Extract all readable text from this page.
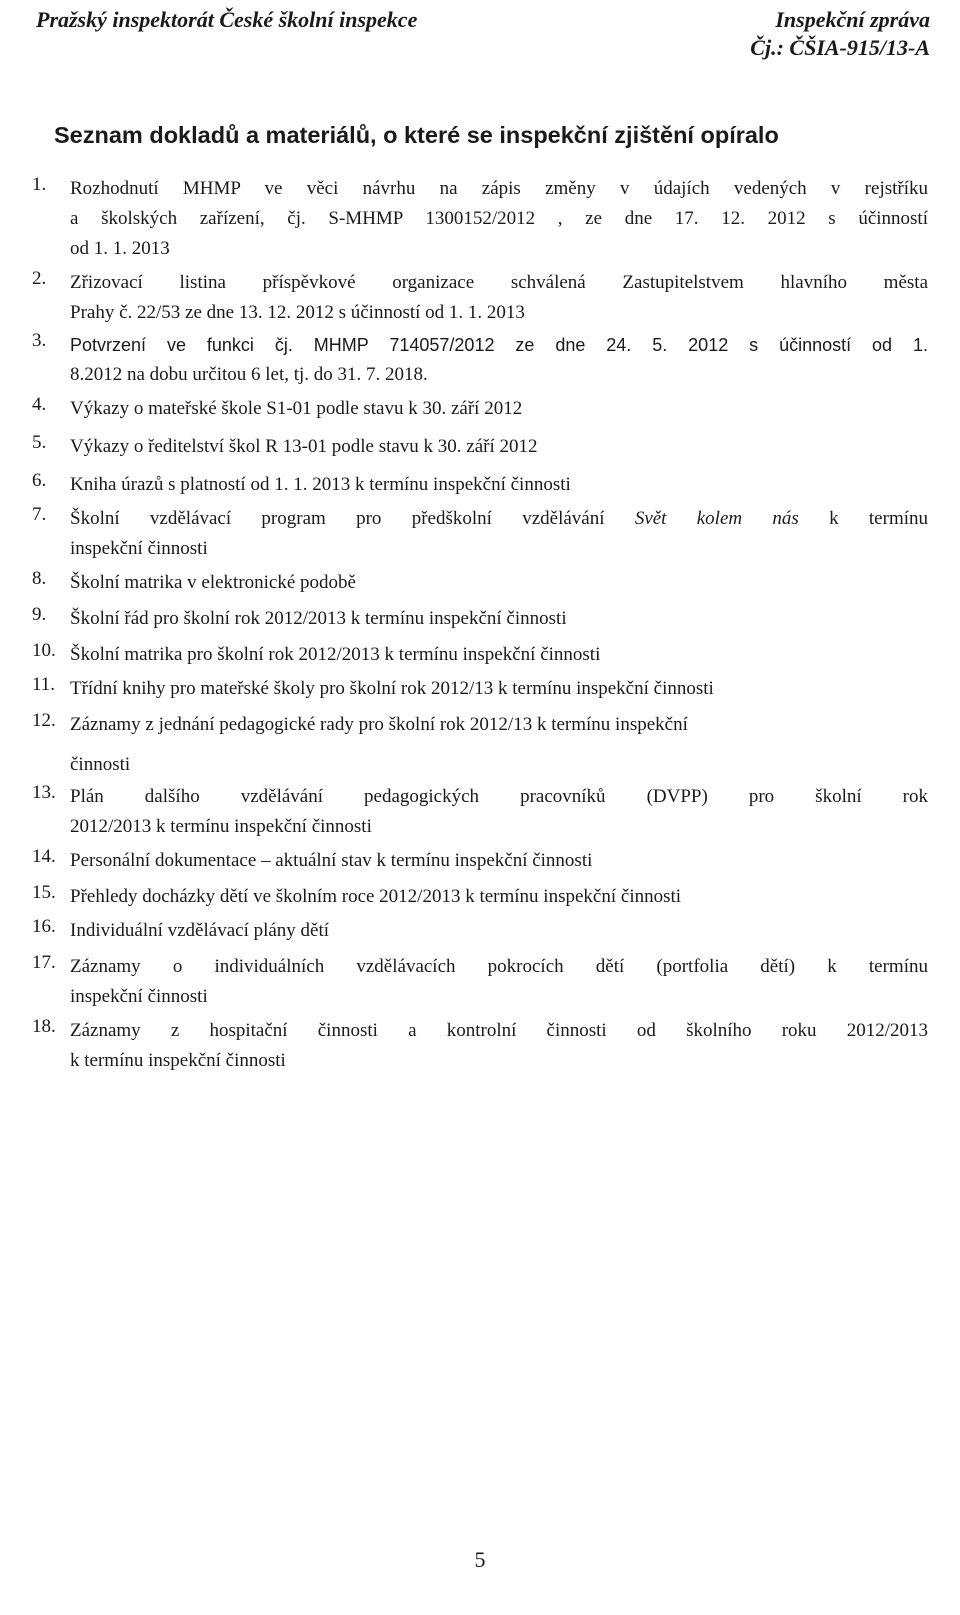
Pražský inspektorát České školní inspekce	Inspekční zpráva
Čj.: ČŠIA-915/13-A
Seznam dokladů a materiálů, o které se inspekční zjištění opíralo
1.	Rozhodnutí MHMP ve věci návrhu na zápis změny v údajích vedených v rejstříku
a školských zařízení, čj. S-MHMP 1300152/2012 , ze dne 17. 12. 2012 s účinností
od 1. 1. 2013
2. Zřizovací listina příspěvkové organizace schválená Zastupitelstvem hlavního města
Prahy č. 22/53 ze dne 13. 12. 2012 s účinností od 1. 1. 2013
3. Potvrzení ve funkci čj. MHMP 714057/2012 ze dne 24. 5. 2012 s účinností od 1.
8.2012 na dobu určitou 6 let, tj. do 31. 7. 2018.
4. Výkazy o mateřské škole S1-01 podle stavu k 30. září 2012
5. Výkazy o ředitelství škol R 13-01 podle stavu k 30. září 2012
6. Kniha úrazů s platností od 1. 1. 2013 k termínu inspekční činnosti
7. Školní vzdělávací program pro předškolní vzdělávání Svět kolem nás k termínu
inspekční činnosti
8. Školní matrika v elektronické podobě
9. Školní řád pro školní rok 2012/2013 k termínu inspekční činnosti
10. Školní matrika pro školní rok 2012/2013 k termínu inspekční činnosti
11. Třídní knihy pro mateřské školy pro školní rok 2012/13 k termínu inspekční činnosti
12. Záznamy z jednání pedagogické rady pro školní rok 2012/13 k termínu inspekční
činnosti
13. Plán dalšího vzdělávání pedagogických pracovníků (DVPP) pro školní rok
2012/2013 k termínu inspekční činnosti
14. Personální dokumentace – aktuální stav k termínu inspekční činnosti
15. Přehledy docházky dětí ve školním roce 2012/2013 k termínu inspekční činnosti
16. Individuální vzdělávací plány dětí
17. Záznamy o individuálních vzdělávacích pokrocích dětí (portfolia dětí) k termínu
inspekční činnosti
18. Záznamy z hospitační činnosti a kontrolní činnosti od školního roku 2012/2013
k termínu inspekční činnosti
5
